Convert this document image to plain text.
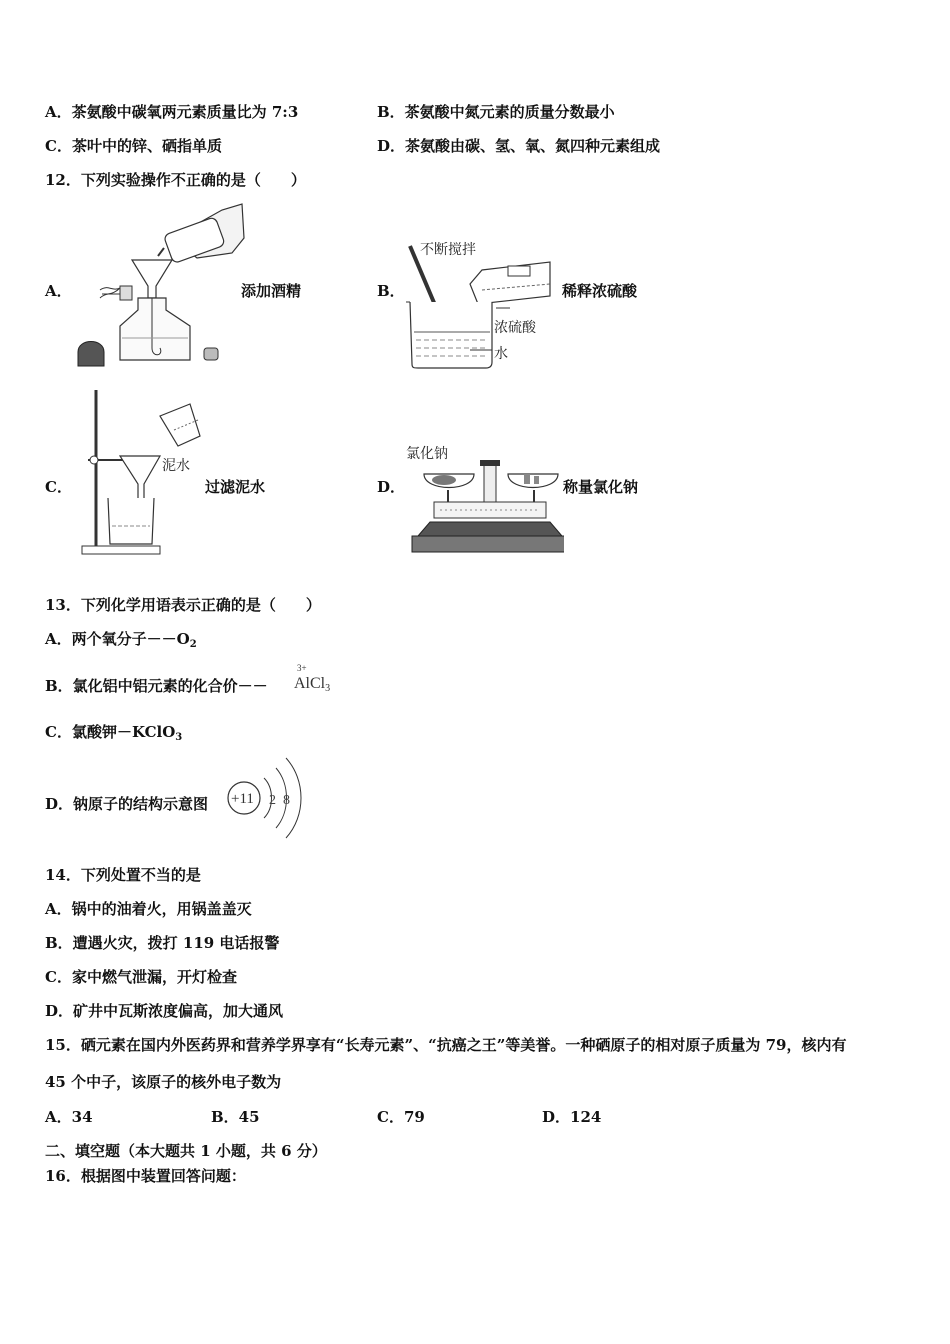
A．茶氨酸中碳氧两元素质量比为 7:3	B．茶氨酸中氮元素的质量分数最小
C．茶叶中的锌、硒指单质	D．茶氨酸由碳、氢、氧、氮四种元素组成
12．下列实验操作不正确的是（　　）
A．	添加酒精	B．
不断搅拌
浓硫酸
水
稀释浓硫酸
C．
泥水
过滤泥水	D．
氯化钠
称量氯化钠
13．下列化学用语表示正确的是（　　）
A．两个氧分子$--O_2$
B．氯化铝中铝元素的化合价－－
3+
AlCl$_3$
C．氯酸钾－KClO$_3$
D．钠原子的结构示意图 +11 2 8
14．下列处置不当的是
A．锅中的油着火，用锅盖盖灭
B．遭遇火灾，拨打 119 电话报警
C．家中燃气泄漏，开灯检查
D．矿井中瓦斯浓度偏高，加大通风
15．硒元素在国内外医药界和营养学界享有“长寿元素”、“抗癌之王”等美誉。一种硒原子的相对原子质量为 79，核内有
45 个中子，该原子的核外电子数为
A．34	B．45	C．79	D．124
二、填空题（本大题共 1 小题，共 6 分）
16．根据图中装置回答问题：
